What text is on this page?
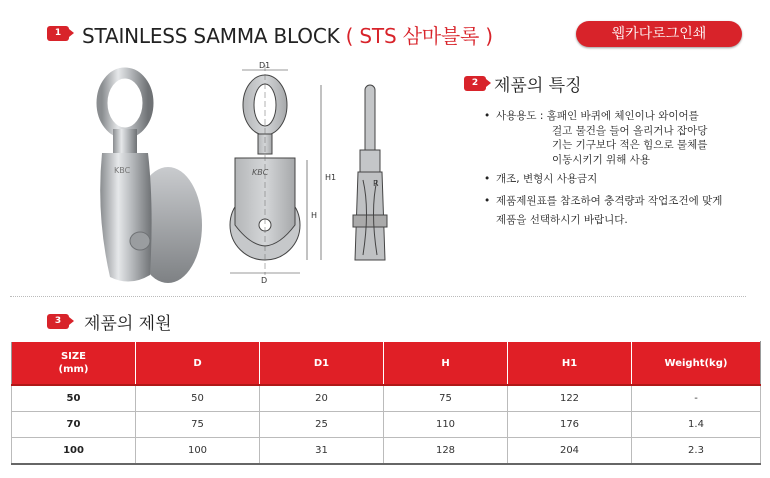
1	STAINLESS SAMMA BLOCK ( STS 삼마블록 )	웹카다로그인쇄
KBC
D1
KBC
H1
H
D
R
2 제품의 특징
• 사용용도 : 홈패인 바퀴에 체인이나 와이어를
걸고 물건을 들어 올리거나 잡아당
기는 기구보다 적은 힘으로 물체를
이동시키기 위해 사용
• 개조, 변형시 사용금지
• 제품제원표를 참조하여 충격량과 작업조건에 맞게
제품을 선택하시기 바랍니다.
3	제품의 제원
SIZE
(mm)	D	D1	H	H1	Weight(kg)
50	50	20	75	122	-
70	75	25	110	176	1.4
100	100	31	128	204	2.3
